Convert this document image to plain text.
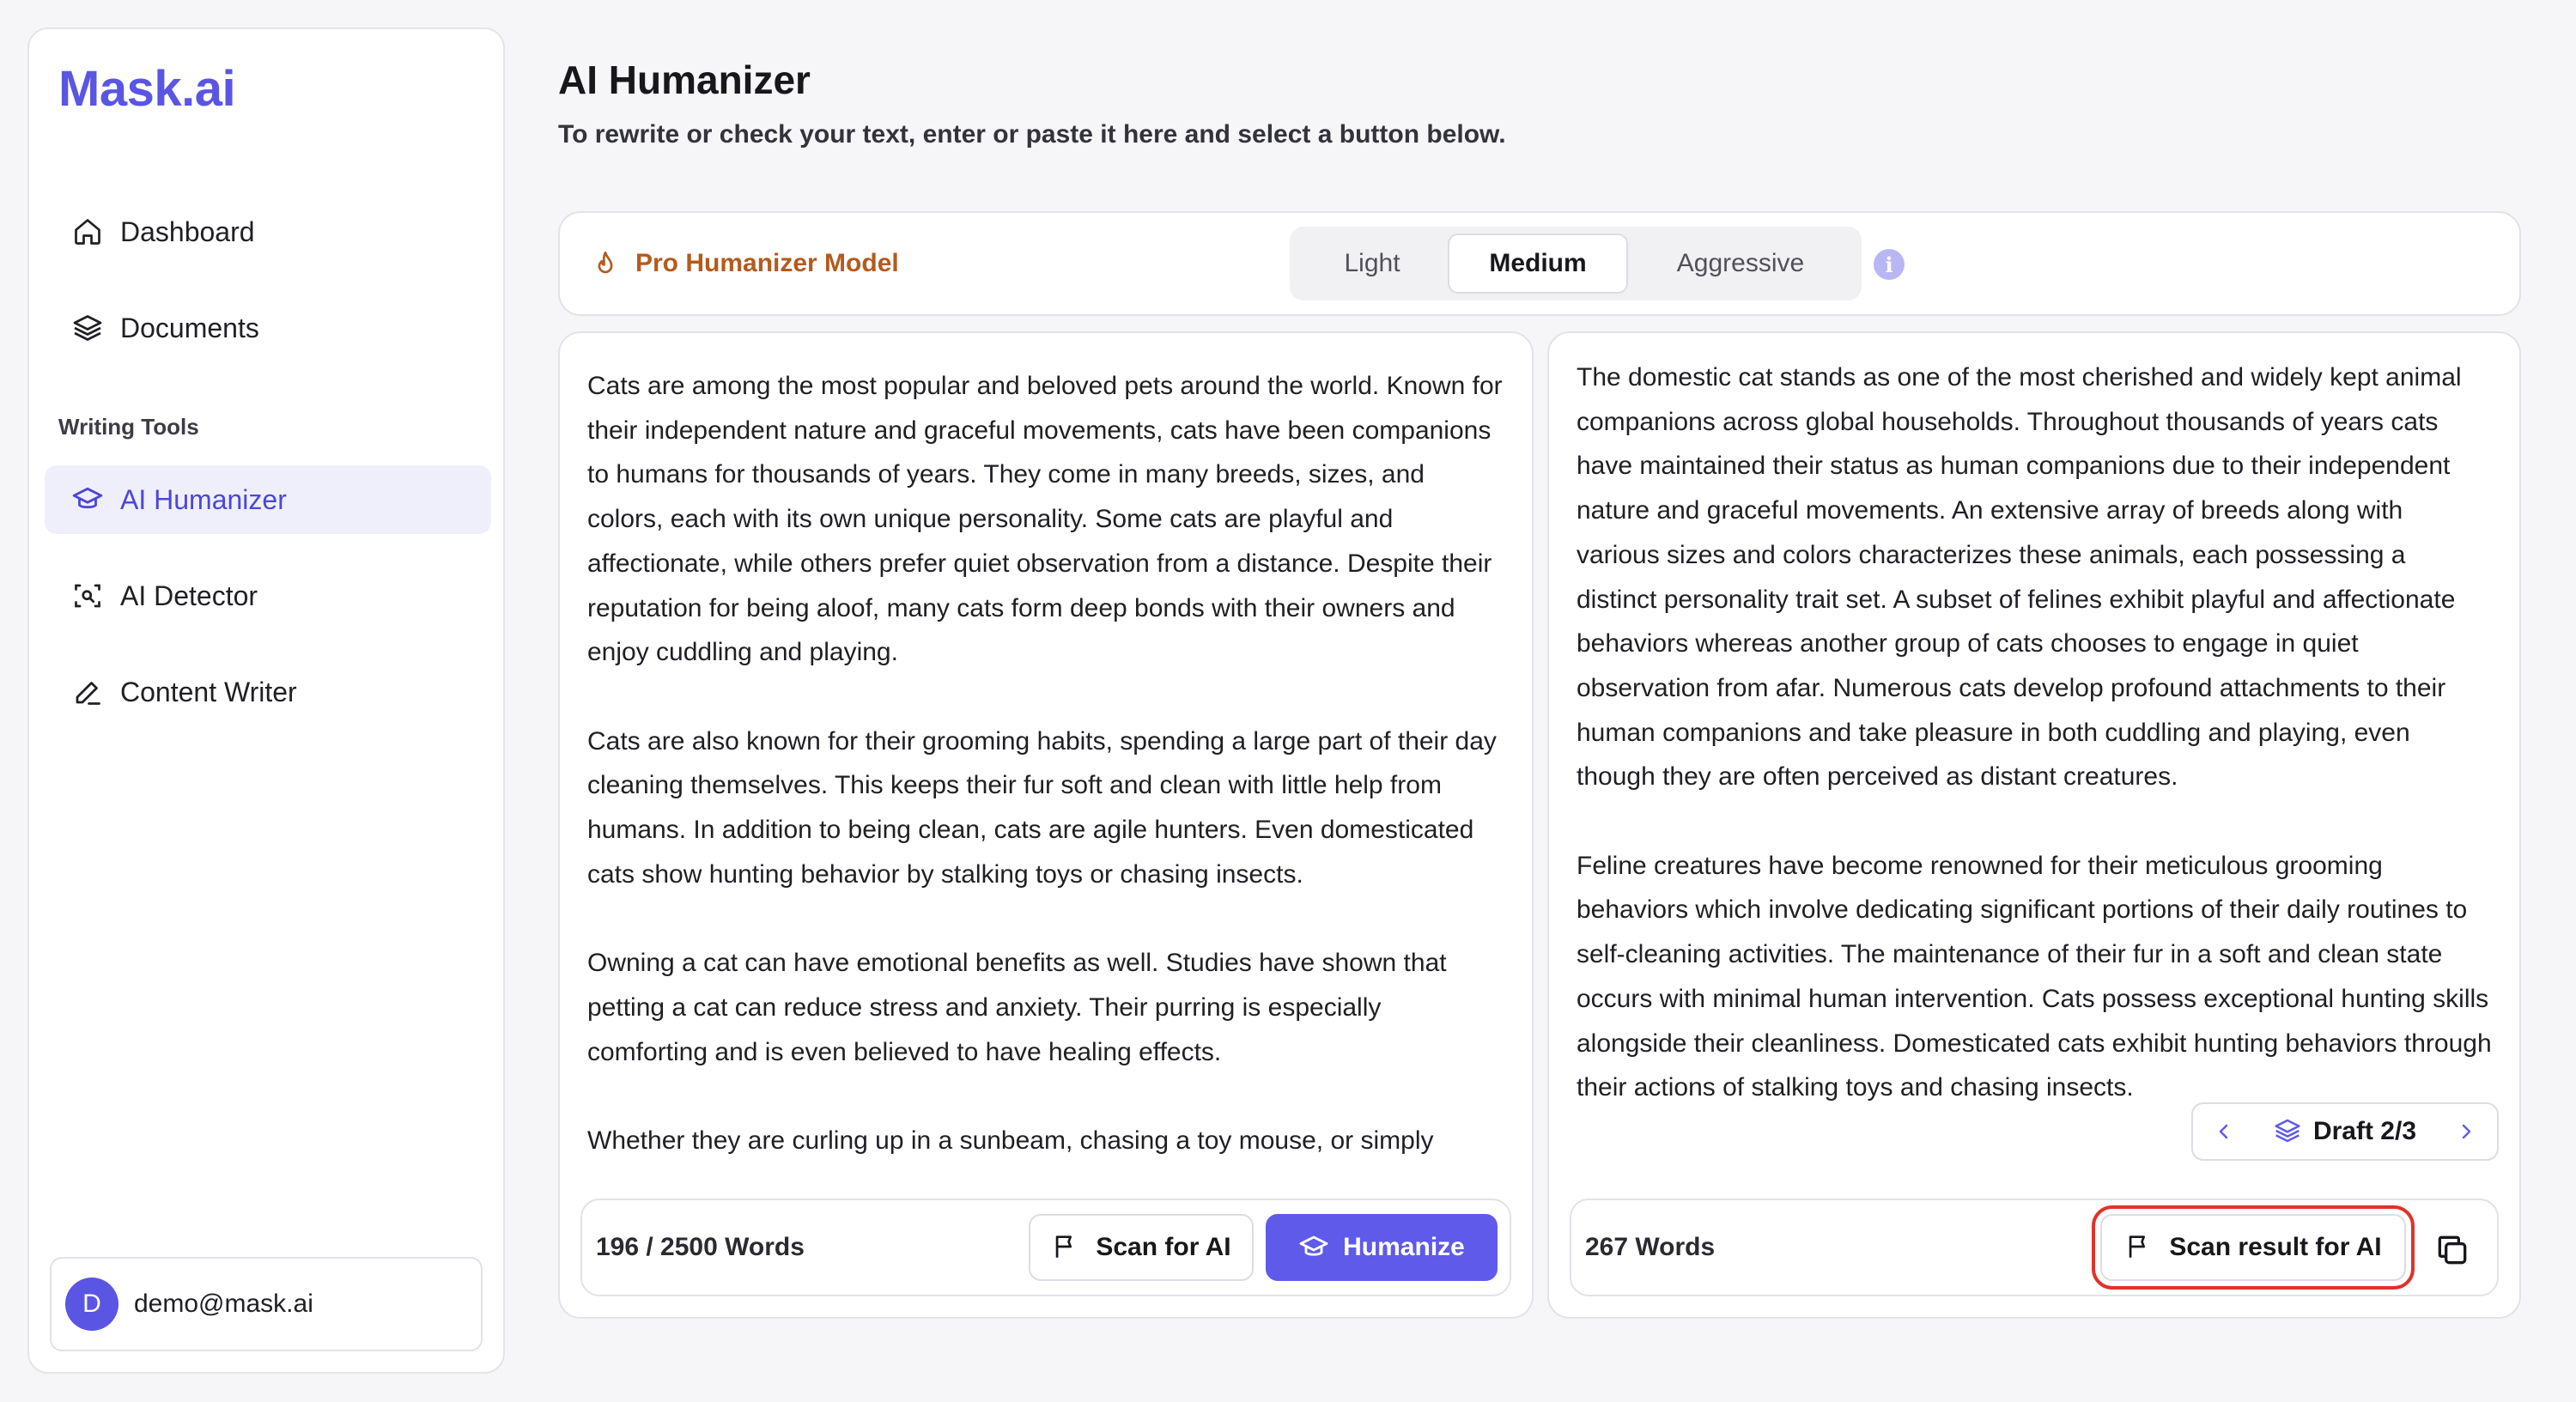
Mask.ai
Dashboard
Documents
Writing Tools
AI Humanizer
AI Detector
Content Writer
D	demo@mask.ai
AI Humanizer
To rewrite or check your text, enter or paste it here and select a button below.
Pro Humanizer Model	Light	Medium	Aggressive	i

Cats are among the most popular and beloved pets around the world. Known for their independent nature and graceful movements, cats have been companions to humans for thousands of years. They come in many breeds, sizes, and colors, each with its own unique personality. Some cats are playful and affectionate, while others prefer quiet observation from a distance. Despite their reputation for being aloof, many cats form deep bonds with their owners and enjoy cuddling and playing.

Cats are also known for their grooming habits, spending a large part of their day cleaning themselves. This keeps their fur soft and clean with little help from humans. In addition to being clean, cats are agile hunters. Even domesticated cats show hunting behavior by stalking toys or chasing insects.

Owning a cat can have emotional benefits as well. Studies have shown that petting a cat can reduce stress and anxiety. Their purring is especially comforting and is even believed to have healing effects.

Whether they are curling up in a sunbeam, chasing a toy mouse, or simply

196 / 2500 Words	Scan for AI	Humanize

The domestic cat stands as one of the most cherished and widely kept animal companions across global households. Throughout thousands of years cats have maintained their status as human companions due to their independent nature and graceful movements. An extensive array of breeds along with various sizes and colors characterizes these animals, each possessing a distinct personality trait set. A subset of felines exhibit playful and affectionate behaviors whereas another group of cats chooses to engage in quiet observation from afar. Numerous cats develop profound attachments to their human companions and take pleasure in both cuddling and playing, even though they are often perceived as distant creatures.

Feline creatures have become renowned for their meticulous grooming behaviors which involve dedicating significant portions of their daily routines to self-cleaning activities. The maintenance of their fur in a soft and clean state occurs with minimal human intervention. Cats possess exceptional hunting skills alongside their cleanliness. Domesticated cats exhibit hunting behaviors through their actions of stalking toys and chasing insects.

Draft 2/3
267 Words	Scan result for AI
